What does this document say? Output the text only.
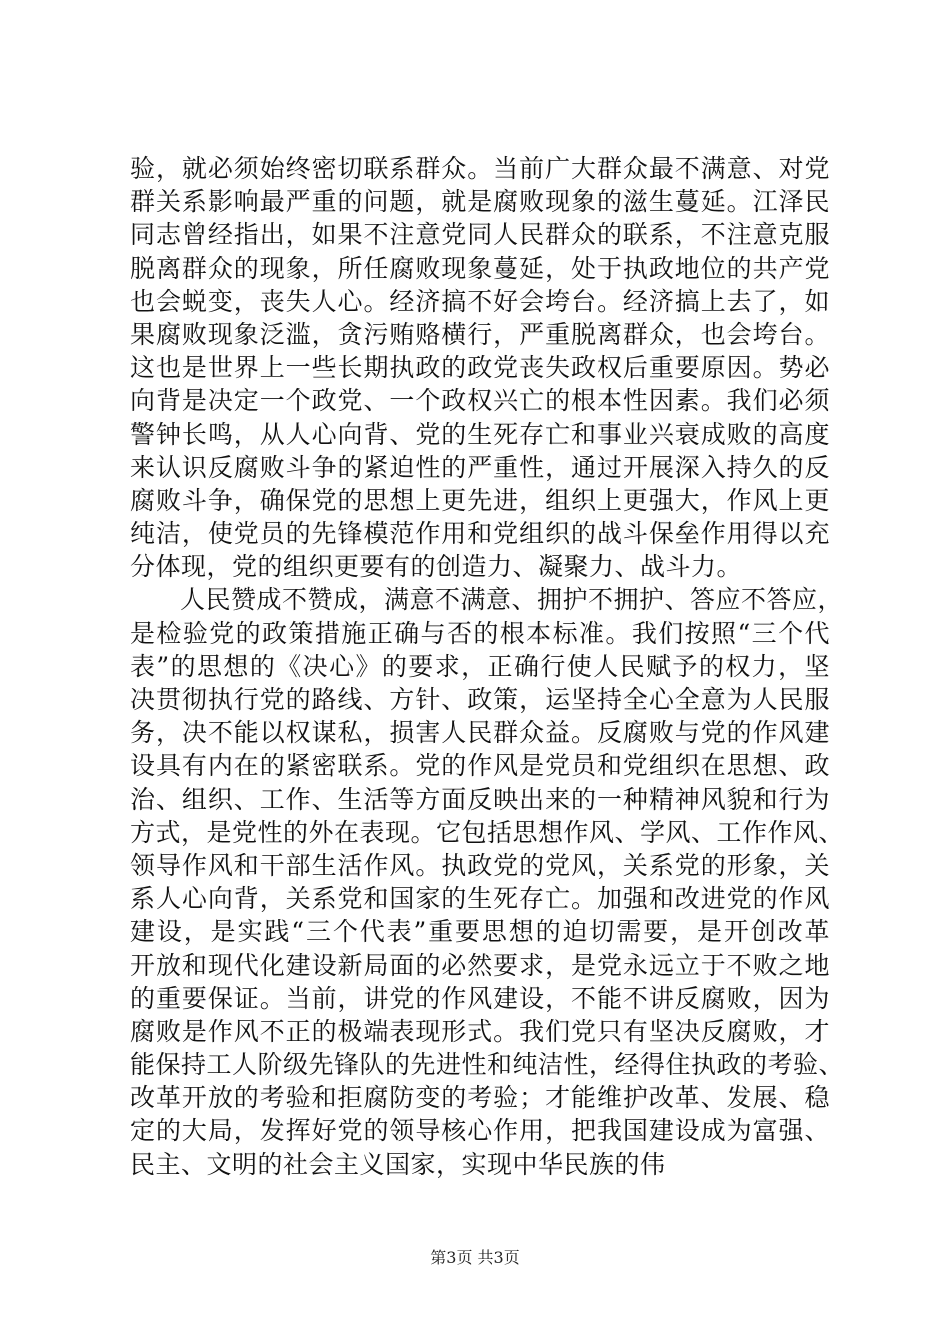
验，就必须始终密切联系群众。当前广大群众最不满意、对党
群关系影响最严重的问题，就是腐败现象的滋生蔓延。江泽民
同志曾经指出，如果不注意党同人民群众的联系，不注意克服
脱离群众的现象，所任腐败现象蔓延，处于执政地位的共产党
也会蜕变，丧失人心。经济搞不好会垮台。经济搞上去了，如
果腐败现象泛滥，贪污贿赂横行，严重脱离群众，也会垮台。
这也是世界上一些长期执政的政党丧失政权后重要原因。势必
向背是决定一个政党、一个政权兴亡的根本性因素。我们必须
警钟长鸣，从人心向背、党的生死存亡和事业兴衰成败的高度
来认识反腐败斗争的紧迫性的严重性，通过开展深入持久的反
腐败斗争，确保党的思想上更先进，组织上更强大，作风上更
纯洁，使党员的先锋模范作用和党组织的战斗保垒作用得以充
分体现，党的组织更要有的创造力、凝聚力、战斗力。
人民赞成不赞成，满意不满意、拥护不拥护、答应不答应，
是检验党的政策措施正确与否的根本标准。我们按照“三个代
表”的思想的《决心》的要求，正确行使人民赋予的权力，坚
决贯彻执行党的路线、方针、政策，运坚持全心全意为人民服
务，决不能以权谋私，损害人民群众益。反腐败与党的作风建
设具有内在的紧密联系。党的作风是党员和党组织在思想、政
治、组织、工作、生活等方面反映出来的一种精神风貌和行为
方式，是党性的外在表现。它包括思想作风、学风、工作作风、
领导作风和干部生活作风。执政党的党风，关系党的形象，关
系人心向背，关系党和国家的生死存亡。加强和改进党的作风
建设，是实践“三个代表”重要思想的迫切需要，是开创改革
开放和现代化建设新局面的必然要求，是党永远立于不败之地
的重要保证。当前，讲党的作风建设，不能不讲反腐败，因为
腐败是作风不正的极端表现形式。我们党只有坚决反腐败，才
能保持工人阶级先锋队的先进性和纯洁性，经得住执政的考验、
改革开放的考验和拒腐防变的考验；才能维护改革、发展、稳
定的大局，发挥好党的领导核心作用，把我国建设成为富强、
民主、文明的社会主义国家，实现中华民族的伟
第3页 共3页
